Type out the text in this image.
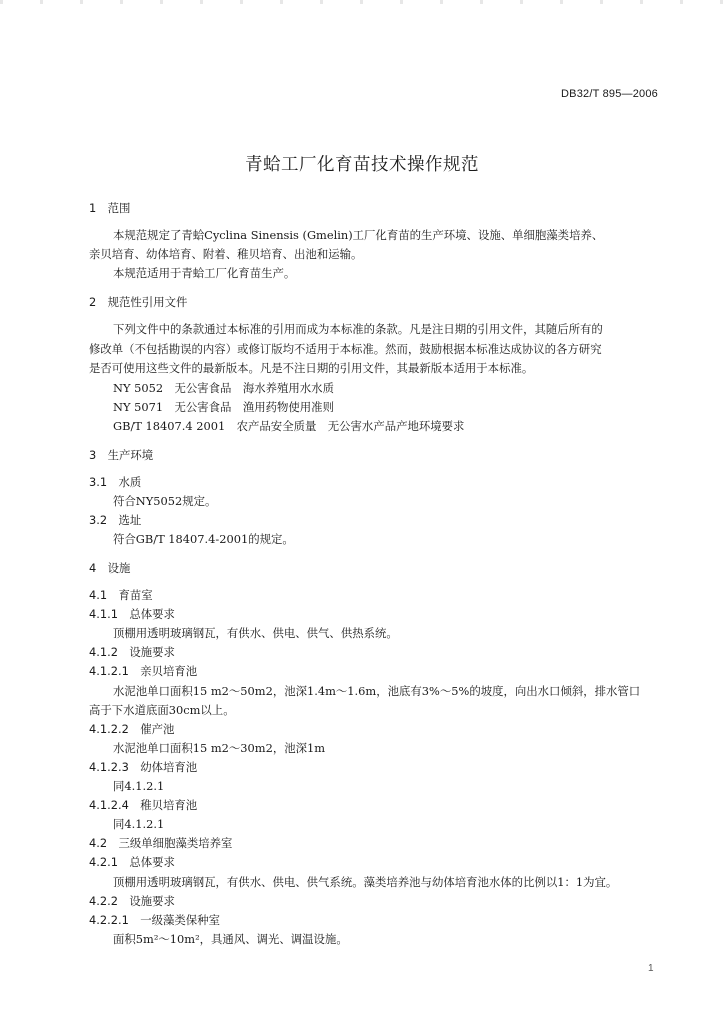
DB32/T 895—2006
青蛤工厂化育苗技术操作规范
1　范围
本规范规定了青蛤Cyclina Sinensis (Gmelin)工厂化育苗的生产环境、设施、单细胞藻类培养、
亲贝培育、幼体培育、附着、稚贝培育、出池和运输。
本规范适用于青蛤工厂化育苗生产。
2　规范性引用文件
下列文件中的条款通过本标准的引用而成为本标准的条款。凡是注日期的引用文件，其随后所有的
修改单（不包括勘误的内容）或修订版均不适用于本标准。然而，鼓励根据本标准达成协议的各方研究
是否可使用这些文件的最新版本。凡是不注日期的引用文件，其最新版本适用于本标准。
NY 5052　无公害食品　海水养殖用水水质
NY 5071　无公害食品　渔用药物使用准则
GB/T 18407.4 2001　农产品安全质量　无公害水产品产地环境要求
3　生产环境
3.1　水质
符合NY5052规定。
3.2　选址
符合GB/T 18407.4-2001的规定。
4　设施
4.1　育苗室
4.1.1　总体要求
顶棚用透明玻璃钢瓦，有供水、供电、供气、供热系统。
4.1.2　设施要求
4.1.2.1　亲贝培育池
水泥池单口面积15 m2～50m2，池深1.4m～1.6m，池底有3%～5%的坡度，向出水口倾斜，排水管口
高于下水道底面30cm以上。
4.1.2.2　催产池
水泥池单口面积15 m2～30m2，池深1m
4.1.2.3　幼体培育池
同4.1.2.1
4.1.2.4　稚贝培育池
同4.1.2.1
4.2　三级单细胞藻类培养室
4.2.1　总体要求
顶棚用透明玻璃钢瓦，有供水、供电、供气系统。藻类培养池与幼体培育池水体的比例以1：1为宜。
4.2.2　设施要求
4.2.2.1　一级藻类保种室
面积5m²～10m²，具通风、调光、调温设施。
1
